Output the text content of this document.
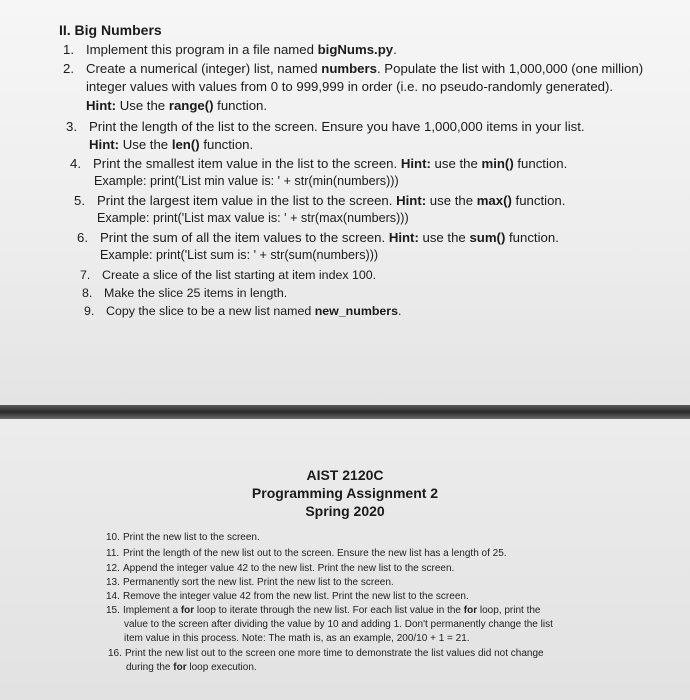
II. Big Numbers
1. Implement this program in a file named bigNums.py.
2. Create a numerical (integer) list, named numbers. Populate the list with 1,000,000 (one million)
integer values with values from 0 to 999,999 in order (i.e. no pseudo-randomly generated).
Hint: Use the range() function.
3. Print the length of the list to the screen. Ensure you have 1,000,000 items in your list.
Hint: Use the len() function.
4. Print the smallest item value in the list to the screen. Hint: use the min() function.
Example: print('List min value is: ' + str(min(numbers)))
5. Print the largest item value in the list to the screen. Hint: use the max() function.
Example: print('List max value is: ' + str(max(numbers)))
6. Print the sum of all the item values to the screen. Hint: use the sum() function.
Example: print('List sum is: ' + str(sum(numbers)))
7. Create a slice of the list starting at item index 100.
8. Make the slice 25 items in length.
9. Copy the slice to be a new list named new_numbers.
AIST 2120C
Programming Assignment 2
Spring 2020
10. Print the new list to the screen.
11. Print the length of the new list out to the screen. Ensure the new list has a length of 25.
12. Append the integer value 42 to the new list. Print the new list to the screen.
13. Permanently sort the new list. Print the new list to the screen.
14. Remove the integer value 42 from the new list. Print the new list to the screen.
15. Implement a for loop to iterate through the new list. For each list value in the for loop, print the
value to the screen after dividing the value by 10 and adding 1. Don't permanently change the list
item value in this process. Note: The math is, as an example, 200/10 + 1 = 21.
16. Print the new list out to the screen one more time to demonstrate the list values did not change
during the for loop execution.
